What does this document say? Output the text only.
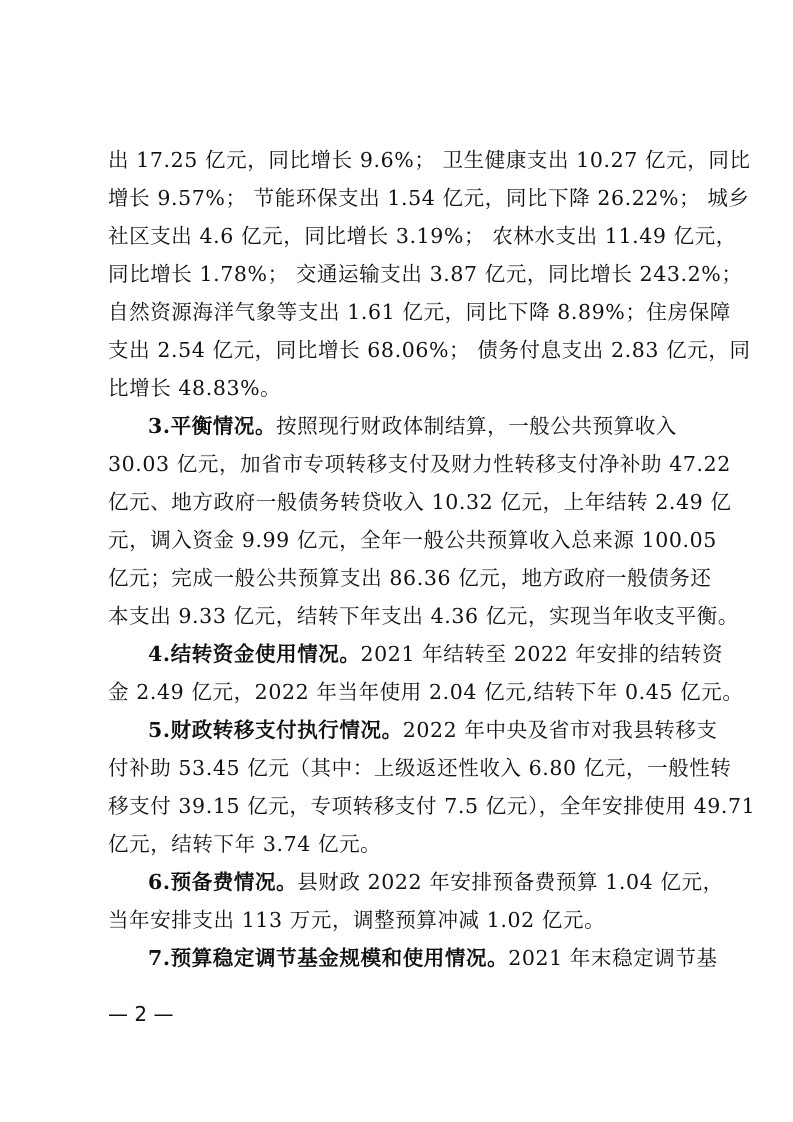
出 17.25 亿元，同比增长 9.6%； 卫生健康支出 10.27 亿元，同比
增长 9.57%； 节能环保支出 1.54 亿元，同比下降 26.22%； 城乡
社区支出 4.6 亿元，同比增长 3.19%； 农林水支出 11.49 亿元，
同比增长 1.78%； 交通运输支出 3.87 亿元，同比增长 243.2%；
自然资源海洋气象等支出 1.61 亿元，同比下降 8.89%；住房保障
支出 2.54 亿元，同比增长 68.06%； 债务付息支出 2.83 亿元，同
比增长 48.83%。
3.平衡情况。按照现行财政体制结算，一般公共预算收入
30.03 亿元，加省市专项转移支付及财力性转移支付净补助 47.22
亿元、地方政府一般债务转贷收入 10.32 亿元，上年结转 2.49 亿
元，调入资金 9.99 亿元，全年一般公共预算收入总来源 100.05
亿元；完成一般公共预算支出 86.36 亿元，地方政府一般债务还
本支出 9.33 亿元，结转下年支出 4.36 亿元，实现当年收支平衡。
4.结转资金使用情况。2021 年结转至 2022 年安排的结转资
金 2.49 亿元，2022 年当年使用 2.04 亿元,结转下年 0.45 亿元。
5.财政转移支付执行情况。2022 年中央及省市对我县转移支
付补助 53.45 亿元（其中：上级返还性收入 6.80 亿元，一般性转
移支付 39.15 亿元，专项转移支付 7.5 亿元），全年安排使用 49.71
亿元，结转下年 3.74 亿元。
6.预备费情况。县财政 2022 年安排预备费预算 1.04 亿元，
当年安排支出 113 万元，调整预算冲减 1.02 亿元。
7.预算稳定调节基金规模和使用情况。2021 年末稳定调节基
— 2 —
